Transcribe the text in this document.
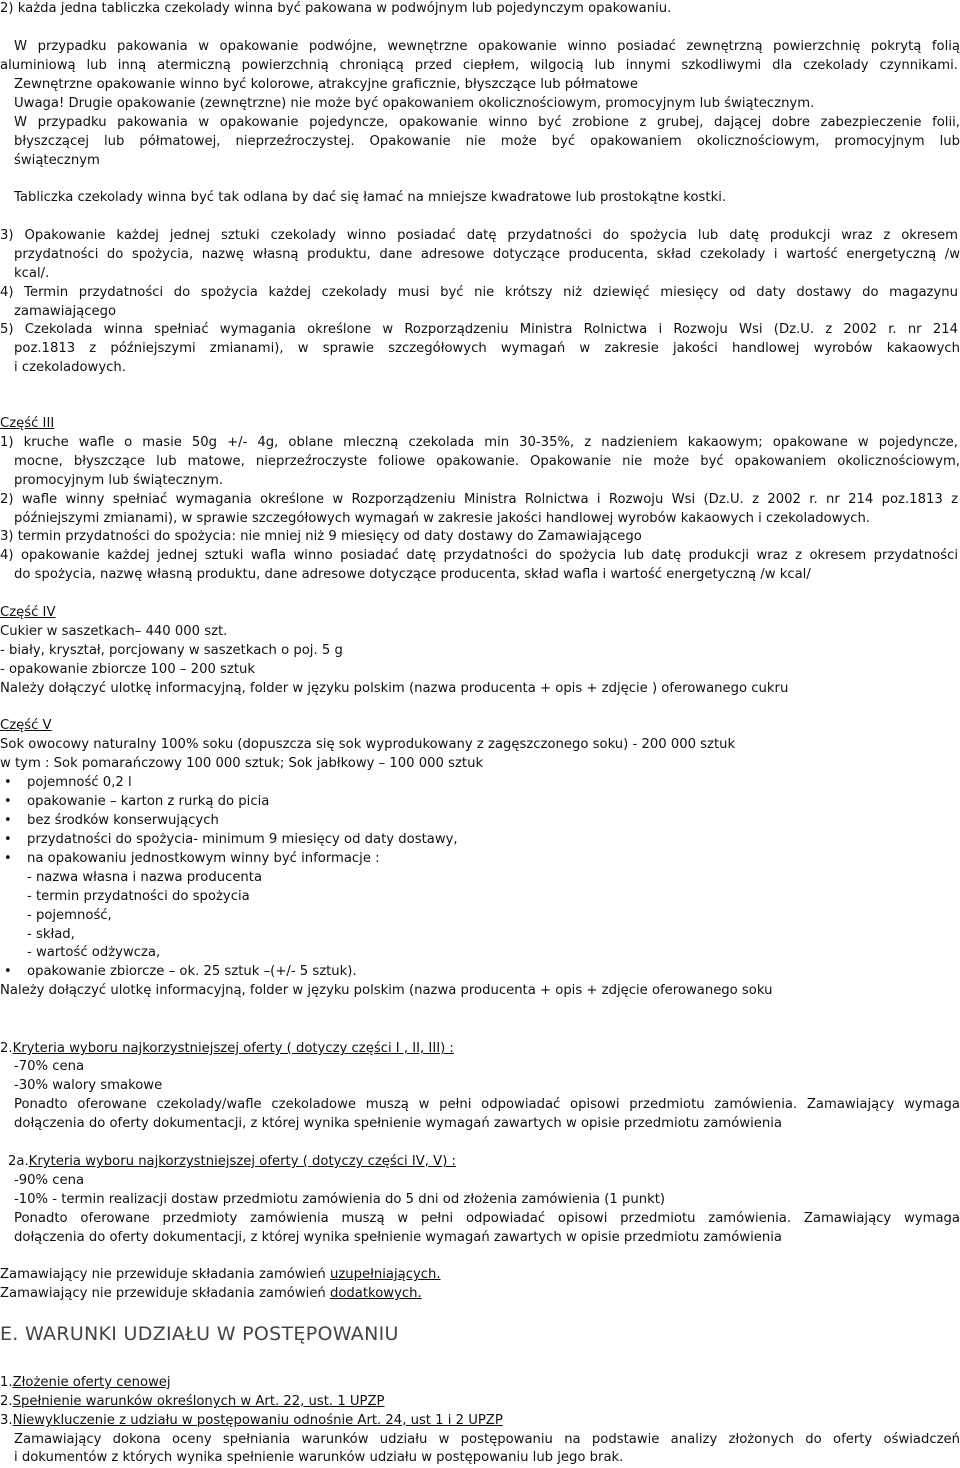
2) każda jedna tabliczka czekolady winna być pakowana w podwójnym lub pojedynczym opakowaniu.
W przypadku pakowania w opakowanie podwójne, wewnętrzne opakowanie winno posiadać zewnętrzną powierzchnię pokrytą folią
aluminiową lub inną atermiczną powierzchnią chroniącą przed ciepłem, wilgocią lub innymi szkodliwymi dla czekolady czynnikami.
Zewnętrzne opakowanie winno być kolorowe, atrakcyjne graficznie, błyszczące lub półmatowe
Uwaga! Drugie opakowanie (zewnętrzne) nie może być opakowaniem okolicznościowym, promocyjnym lub świątecznym.
W przypadku pakowania w opakowanie pojedyncze, opakowanie winno być zrobione z grubej, dającej dobre zabezpieczenie folii,
błyszczącej lub półmatowej, nieprzeźroczystej. Opakowanie nie może być opakowaniem okolicznościowym, promocyjnym lub
świątecznym
Tabliczka czekolady winna być tak odlana by dać się łamać na mniejsze kwadratowe lub prostokątne kostki.
3) Opakowanie każdej jednej sztuki czekolady winno posiadać datę przydatności do spożycia lub datę produkcji wraz z okresem
przydatności do spożycia, nazwę własną produktu, dane adresowe dotyczące producenta, skład czekolady i wartość energetyczną /w
kcal/.
4) Termin przydatności do spożycia każdej czekolady musi być nie krótszy niż dziewięć miesięcy od daty dostawy do magazynu
zamawiającego
5) Czekolada winna spełniać wymagania określone w Rozporządzeniu Ministra Rolnictwa i Rozwoju Wsi (Dz.U. z 2002 r. nr 214
poz.1813 z późniejszymi zmianami), w sprawie szczegółowych wymagań w zakresie jakości handlowej wyrobów kakaowych
i czekoladowych.
Część III
1) kruche wafle o masie 50g +/- 4g, oblane mleczną czekolada min 30-35%, z nadzieniem kakaowym; opakowane w pojedyncze,
mocne, błyszczące lub matowe, nieprzeźroczyste foliowe opakowanie. Opakowanie nie może być opakowaniem okolicznościowym,
promocyjnym lub świątecznym.
2) wafle winny spełniać wymagania określone w Rozporządzeniu Ministra Rolnictwa i Rozwoju Wsi (Dz.U. z 2002 r. nr 214 poz.1813 z
późniejszymi zmianami), w sprawie szczegółowych wymagań w zakresie jakości handlowej wyrobów kakaowych i czekoladowych.
3) termin przydatności do spożycia: nie mniej niż 9 miesięcy od daty dostawy do Zamawiającego
4) opakowanie każdej jednej sztuki wafla winno posiadać datę przydatności do spożycia lub datę produkcji wraz z okresem przydatności
do spożycia, nazwę własną produktu, dane adresowe dotyczące producenta, skład wafla i wartość energetyczną /w kcal/
Część IV
Cukier w saszetkach– 440 000 szt.
- biały, kryształ, porcjowany w saszetkach o poj. 5 g
- opakowanie zbiorcze 100 – 200 sztuk
Należy dołączyć ulotkę informacyjną, folder w języku polskim (nazwa producenta + opis + zdjęcie ) oferowanego cukru
Część V
Sok owocowy naturalny 100% soku (dopuszcza się sok wyprodukowany z zagęszczonego soku) - 200 000 sztuk
w tym : Sok pomarańczowy 100 000 sztuk; Sok jabłkowy – 100 000 sztuk
• pojemność 0,2 l
• opakowanie – karton z rurką do picia
• bez środków konserwujących
• przydatności do spożycia- minimum 9 miesięcy od daty dostawy,
• na opakowaniu jednostkowym winny być informacje :
- nazwa własna i nazwa producenta
- termin przydatności do spożycia
- pojemność,
- skład,
- wartość odżywcza,
• opakowanie zbiorcze – ok. 25 sztuk –(+/- 5 sztuk).
Należy dołączyć ulotkę informacyjną, folder w języku polskim (nazwa producenta + opis + zdjęcie oferowanego soku
2.Kryteria wyboru najkorzystniejszej oferty ( dotyczy części I , II, III) :
-70% cena
-30% walory smakowe
Ponadto oferowane czekolady/wafle czekoladowe muszą w pełni odpowiadać opisowi przedmiotu zamówienia. Zamawiający wymaga
dołączenia do oferty dokumentacji, z której wynika spełnienie wymagań zawartych w opisie przedmiotu zamówienia
2a.Kryteria wyboru najkorzystniejszej oferty ( dotyczy części IV, V) :
-90% cena
-10% - termin realizacji dostaw przedmiotu zamówienia do 5 dni od złożenia zamówienia (1 punkt)
Ponadto oferowane przedmioty zamówienia muszą w pełni odpowiadać opisowi przedmiotu zamówienia. Zamawiający wymaga
dołączenia do oferty dokumentacji, z której wynika spełnienie wymagań zawartych w opisie przedmiotu zamówienia
Zamawiający nie przewiduje składania zamówień uzupełniających.
Zamawiający nie przewiduje składania zamówień dodatkowych.
E. WARUNKI UDZIAŁU W POSTĘPOWANIU
1.Złożenie oferty cenowej
2.Spełnienie warunków określonych w Art. 22, ust. 1 UPZP
3.Niewykluczenie z udziału w postępowaniu odnośnie Art. 24, ust 1 i 2 UPZP
Zamawiający dokona oceny spełniania warunków udziału w postępowaniu na podstawie analizy złożonych do oferty oświadczeń
i dokumentów z których wynika spełnienie warunków udziału w postępowaniu lub jego brak.
